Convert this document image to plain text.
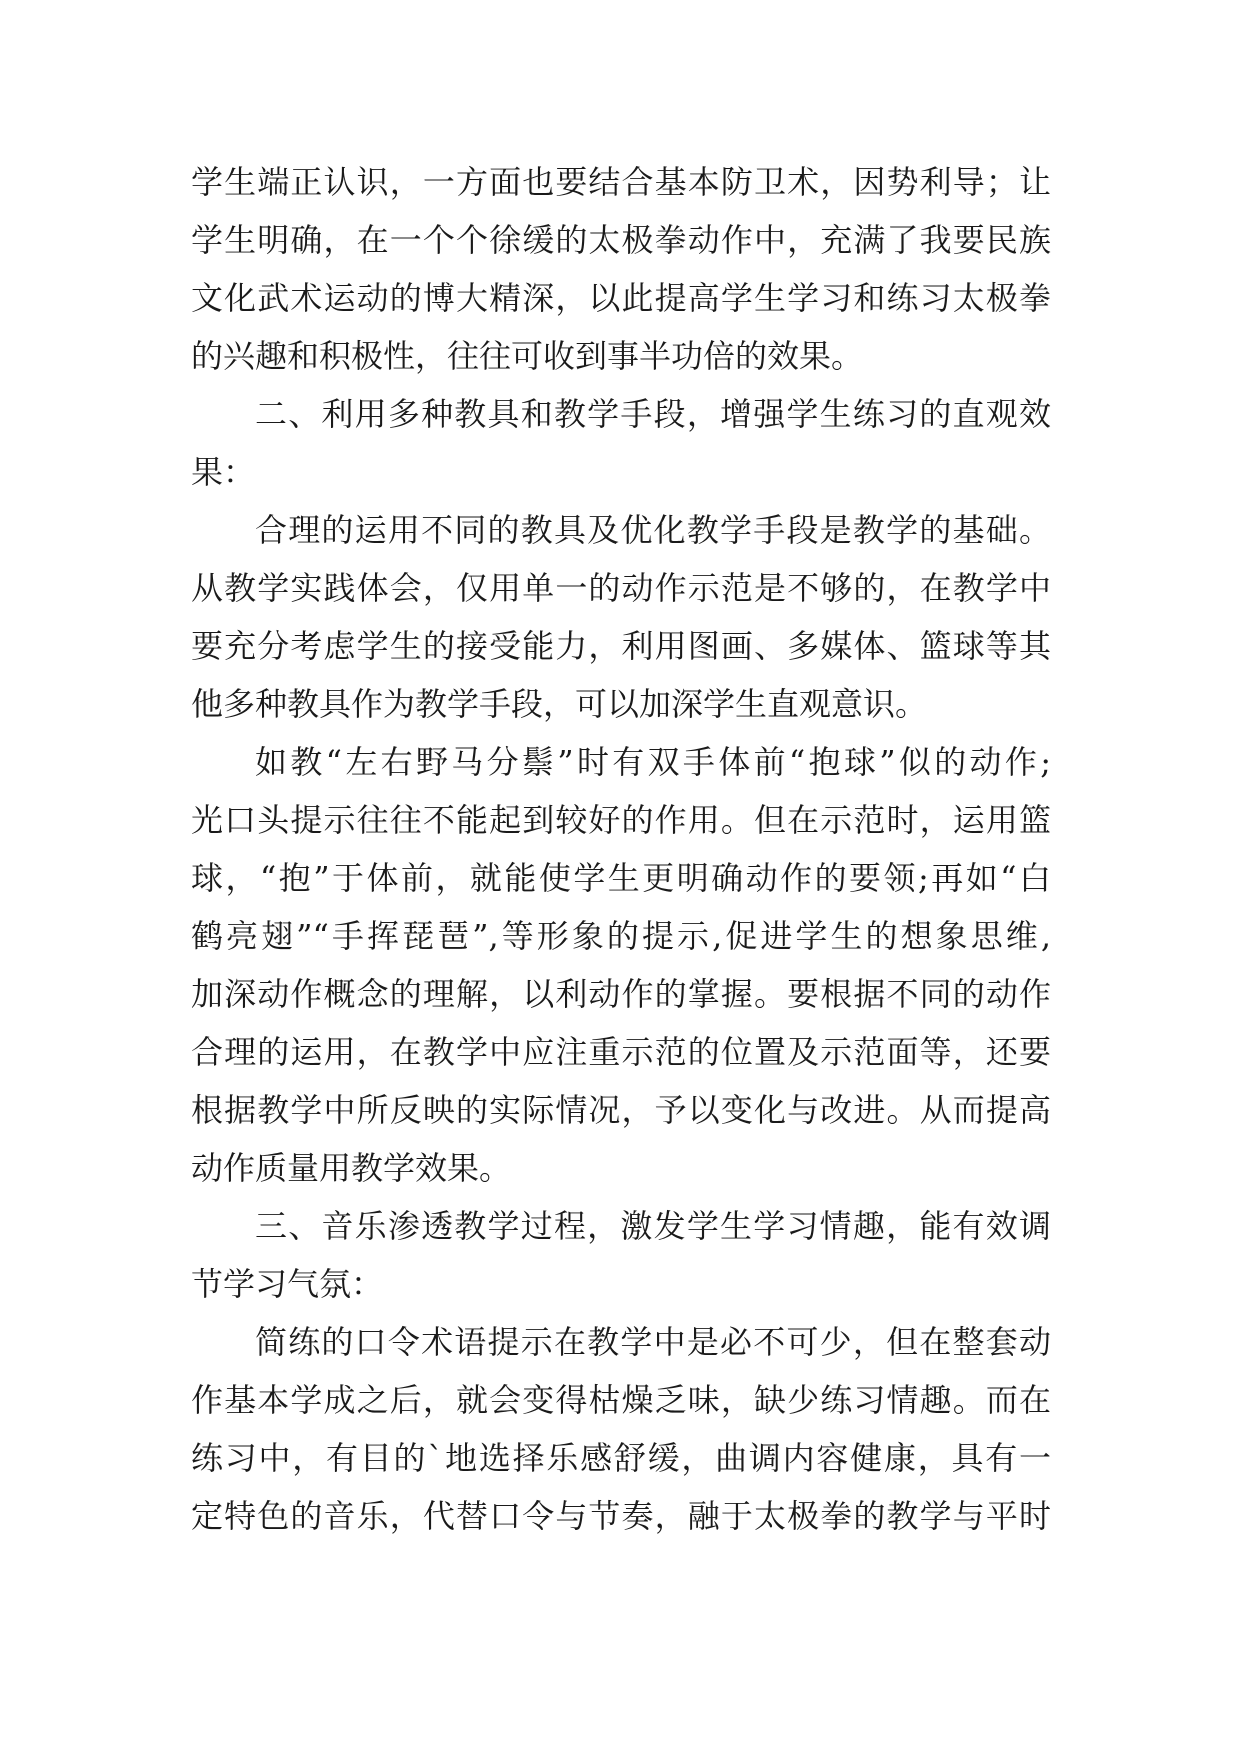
学生端正认识，一方面也要结合基本防卫术，因势利导；让
学生明确，在一个个徐缓的太极拳动作中，充满了我要民族
文化武术运动的博大精深，以此提高学生学习和练习太极拳
的兴趣和积极性，往往可收到事半功倍的效果。
二、利用多种教具和教学手段，增强学生练习的直观效
果：
合理的运用不同的教具及优化教学手段是教学的基础。
从教学实践体会，仅用单一的动作示范是不够的，在教学中
要充分考虑学生的接受能力，利用图画、多媒体、篮球等其
他多种教具作为教学手段，可以加深学生直观意识。
如教“左右野马分鬃”时有双手体前“抱球”似的动作;
光口头提示往往不能起到较好的作用。但在示范时，运用篮
球，“抱”于体前，就能使学生更明确动作的要领;再如“白
鹤亮翅”“手挥琵琶”,等形象的提示,促进学生的想象思维,
加深动作概念的理解，以利动作的掌握。要根据不同的动作
合理的运用，在教学中应注重示范的位置及示范面等，还要
根据教学中所反映的实际情况，予以变化与改进。从而提高
动作质量用教学效果。
三、音乐渗透教学过程，激发学生学习情趣，能有效调
节学习气氛：
简练的口令术语提示在教学中是必不可少，但在整套动
作基本学成之后，就会变得枯燥乏味，缺少练习情趣。而在
练习中，有目的`地选择乐感舒缓，曲调内容健康，具有一
定特色的音乐，代替口令与节奏，融于太极拳的教学与平时
